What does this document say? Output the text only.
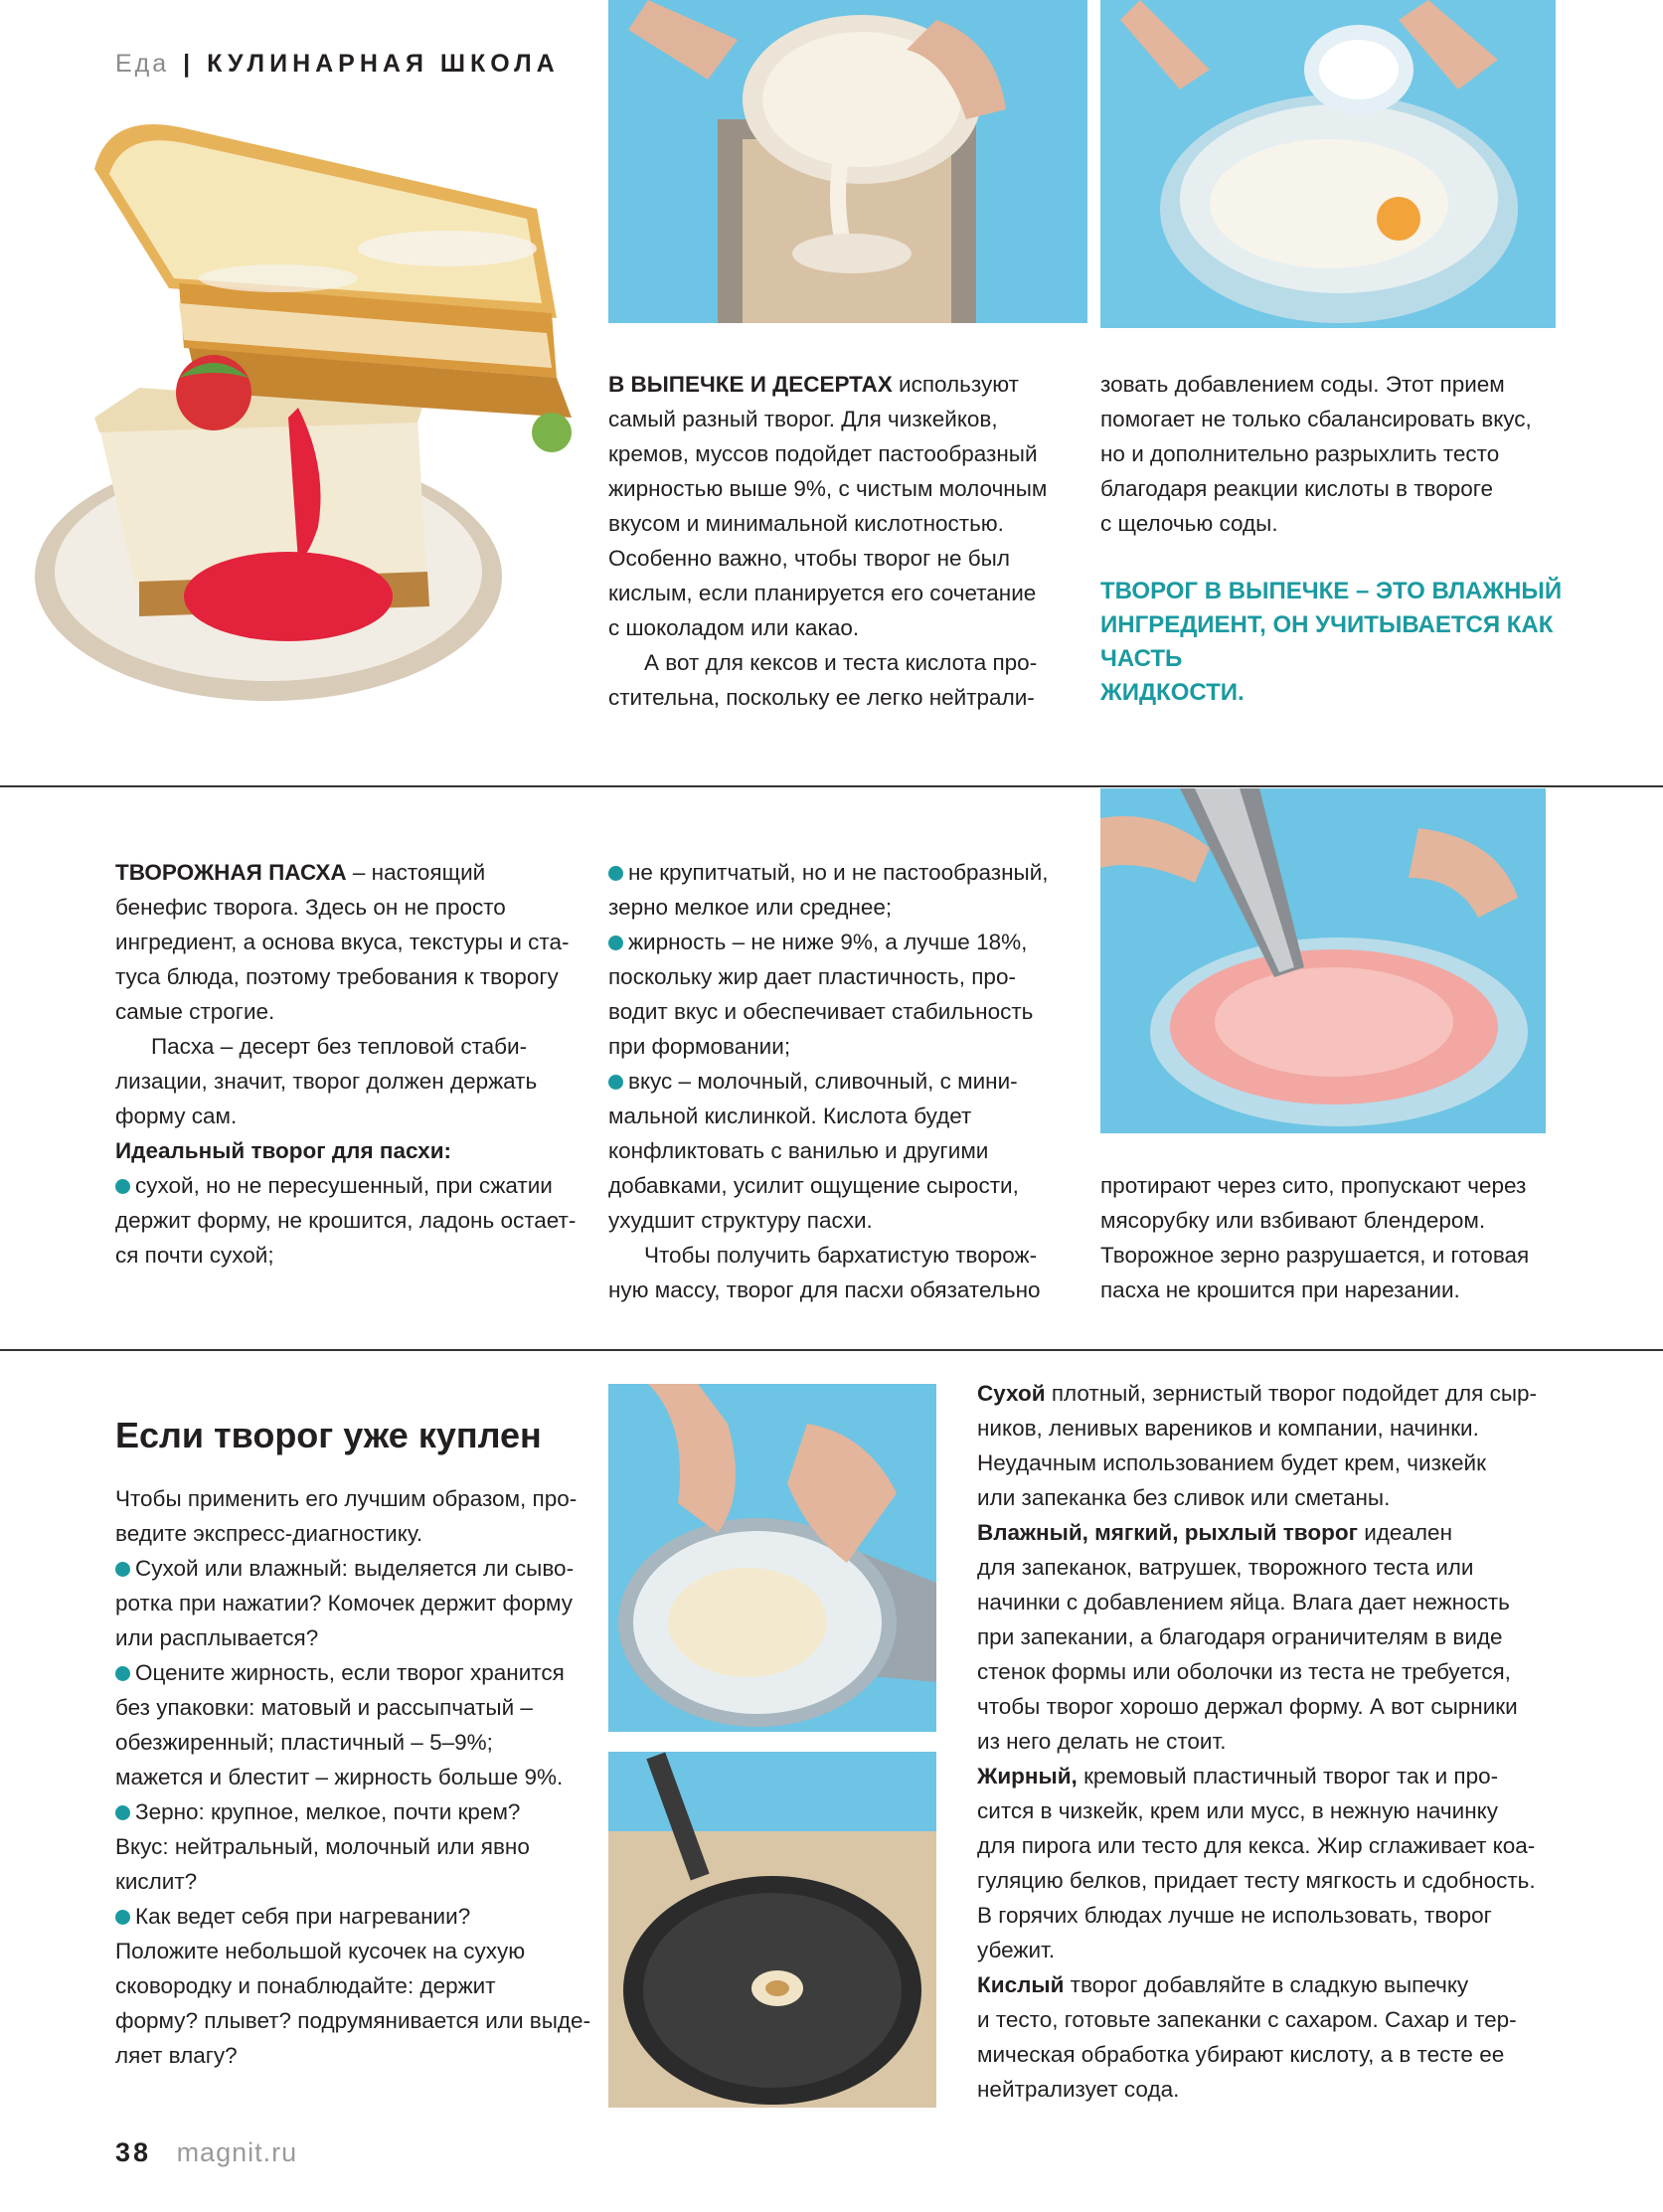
Еда | КУЛИНАРНАЯ ШКОЛА

В ВЫПЕЧКЕ И ДЕСЕРТАХ используют

самый разный творог. Для чизкейков,

кремов, муссов подойдет пастообразный

жирностью выше 9%, с чистым молочным

вкусом и минимальной кислотностью.

Особенно важно, чтобы творог не был

кислым, если планируется его сочетание

с шоколадом или какао.

А вот для кексов и теста кислота про-

стительна, поскольку ее легко нейтрали-

зовать добавлением соды. Этот прием

помогает не только сбалансировать вкус,

но и дополнительно разрыхлить тесто

благодаря реакции кислоты в твороге

с щелочью соды.

ТВОРОГ В ВЫПЕЧКЕ – ЭТО ВЛАЖНЫЙ
ИНГРЕДИЕНТ, ОН УЧИТЫВАЕТСЯ КАК ЧАСТЬ
ЖИДКОСТИ.

ТВОРОЖНАЯ ПАСХА – настоящий

бенефис творога. Здесь он не просто

ингредиент, а основа вкуса, текстуры и ста-

туса блюда, поэтому требования к творогу

самые строгие.

Пасха – десерт без тепловой стаби-

лизации, значит, творог должен держать

форму сам.

Идеальный творог для пасхи:

сухой, но не пересушенный, при сжатии

держит форму, не крошится, ладонь остает-

ся почти сухой;

не крупитчатый, но и не пастообразный,

зерно мелкое или среднее;

жирность – не ниже 9%, а лучше 18%,

поскольку жир дает пластичность, про-

водит вкус и обеспечивает стабильность

при формовании;

вкус – молочный, сливочный, с мини-

мальной кислинкой. Кислота будет

конфликтовать с ванилью и другими

добавками, усилит ощущение сырости,

ухудшит структуру пасхи.

Чтобы получить бархатистую творож-

ную массу, творог для пасхи обязательно

протирают через сито, пропускают через

мясорубку или взбивают блендером.

Творожное зерно разрушается, и готовая

пасха не крошится при нарезании.

Если творог уже куплен

Чтобы применить его лучшим образом, про-

ведите экспресс-диагностику.

Сухой или влажный: выделяется ли сыво-

ротка при нажатии? Комочек держит форму

или расплывается?

Оцените жирность, если творог хранится

без упаковки: матовый и рассыпчатый –

обезжиренный; пластичный – 5–9%;

мажется и блестит – жирность больше 9%.

Зерно: крупное, мелкое, почти крем?

Вкус: нейтральный, молочный или явно

кислит?

Как ведет себя при нагревании?

Положите небольшой кусочек на сухую

сковородку и понаблюдайте: держит

форму? плывет? подрумянивается или выде-

ляет влагу?

Сухой плотный, зернистый творог подойдет для сыр-

ников, ленивых вареников и компании, начинки.

Неудачным использованием будет крем, чизкейк

или запеканка без сливок или сметаны.

Влажный, мягкий, рыхлый творог идеален

для запеканок, ватрушек, творожного теста или

начинки с добавлением яйца. Влага дает нежность

при запекании, а благодаря ограничителям в виде

стенок формы или оболочки из теста не требуется,

чтобы творог хорошо держал форму. А вот сырники

из него делать не стоит.

Жирный, кремовый пластичный творог так и про-

сится в чизкейк, крем или мусс, в нежную начинку

для пирога или тесто для кекса. Жир сглаживает коа-

гуляцию белков, придает тесту мягкость и сдобность.

В горячих блюдах лучше не использовать, творог

убежит.

Кислый творог добавляйте в сладкую выпечку

и тесто, готовьте запеканки с сахаром. Сахар и тер-

мическая обработка убирают кислоту, а в тесте ее

нейтрализует сода.

38 magnit.ru
